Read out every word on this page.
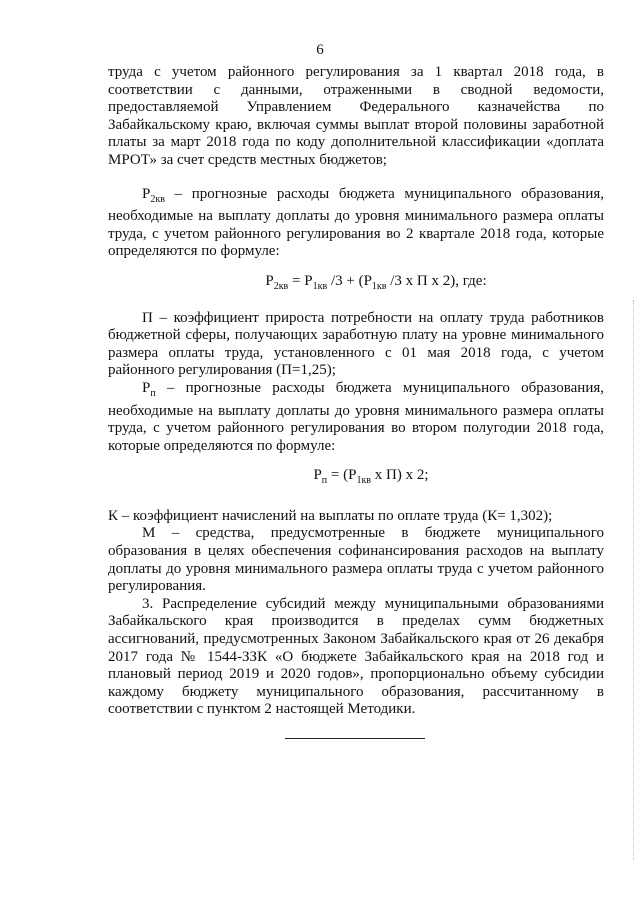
6

труда с учетом районного регулирования за 1 квартал 2018 года, в соответствии с данными, отраженными в сводной ведомости, предоставляемой Управлением Федерального казначейства по Забайкальскому краю, включая суммы выплат второй половины заработной платы за март 2018 года по коду дополнительной классификации «доплата МРОТ» за счет средств местных бюджетов;

$Р_{2кв}$ – прогнозные расходы бюджета муниципального образования, необходимые на выплату доплаты до уровня минимального размера оплаты труда, с учетом районного регулирования во 2 квартале 2018 года, которые определяются по формуле:

$Р_{2кв} = Р_{1кв}$ $/3 + (Р_{1кв}$ /3 х П х 2), где:

П – коэффициент прироста потребности на оплату труда работников бюджетной сферы, получающих заработную плату на уровне минимального размера оплаты труда, установленного с 01 мая 2018 года, с учетом районного регулирования (П=1,25);

$Р_п$ – прогнозные расходы бюджета муниципального образования, необходимые на выплату доплаты до уровня минимального размера оплаты труда, с учетом районного регулирования во втором полугодии 2018 года, которые определяются по формуле:

$Р_п = (Р_{1кв}$ х П) х 2;

К – коэффициент начислений на выплаты по оплате труда (К= 1,302);

М – средства, предусмотренные в бюджете муниципального образования в целях обеспечения софинансирования расходов на выплату доплаты до уровня минимального размера оплаты труда с учетом районного регулирования.

3. Распределение субсидий между муниципальными образованиями Забайкальского края производится в пределах сумм бюджетных ассигнований, предусмотренных Законом Забайкальского края от 26 декабря 2017 года № 1544-ЗЗК «О бюджете Забайкальского края на 2018 год и плановый период 2019 и 2020 годов», пропорционально объему субсидии каждому бюджету муниципального образования, рассчитанному в соответствии с пунктом 2 настоящей Методики.
